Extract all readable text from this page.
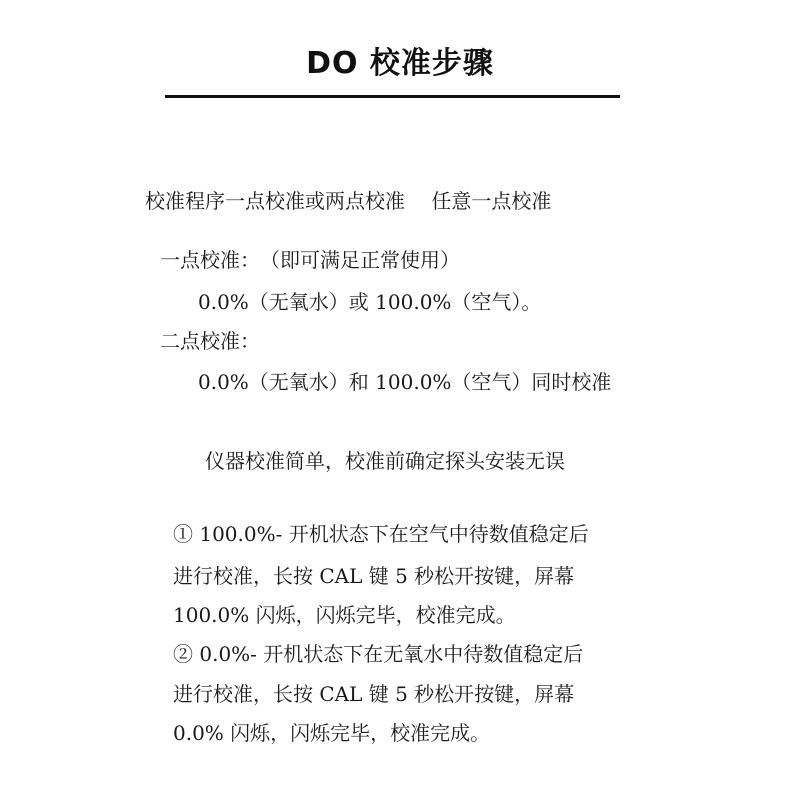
DO 校准步骤
校准程序一点校准或两点校准　 任意一点校准
一点校准：　（即可满足正常使用）
0.0%（无氧水）或 100.0%（空气）。
二点校准：
0.0%（无氧水）和 100.0%（空气）同时校准
仪器校准简单，校准前确定探头安装无误
① 100.0%- 开机状态下在空气中待数值稳定后
进行校准，长按 CAL 键 5 秒松开按键，屏幕
100.0% 闪烁，闪烁完毕，校准完成。
② 0.0%- 开机状态下在无氧水中待数值稳定后
进行校准，长按 CAL 键 5 秒松开按键，屏幕
0.0% 闪烁，闪烁完毕，校准完成。
